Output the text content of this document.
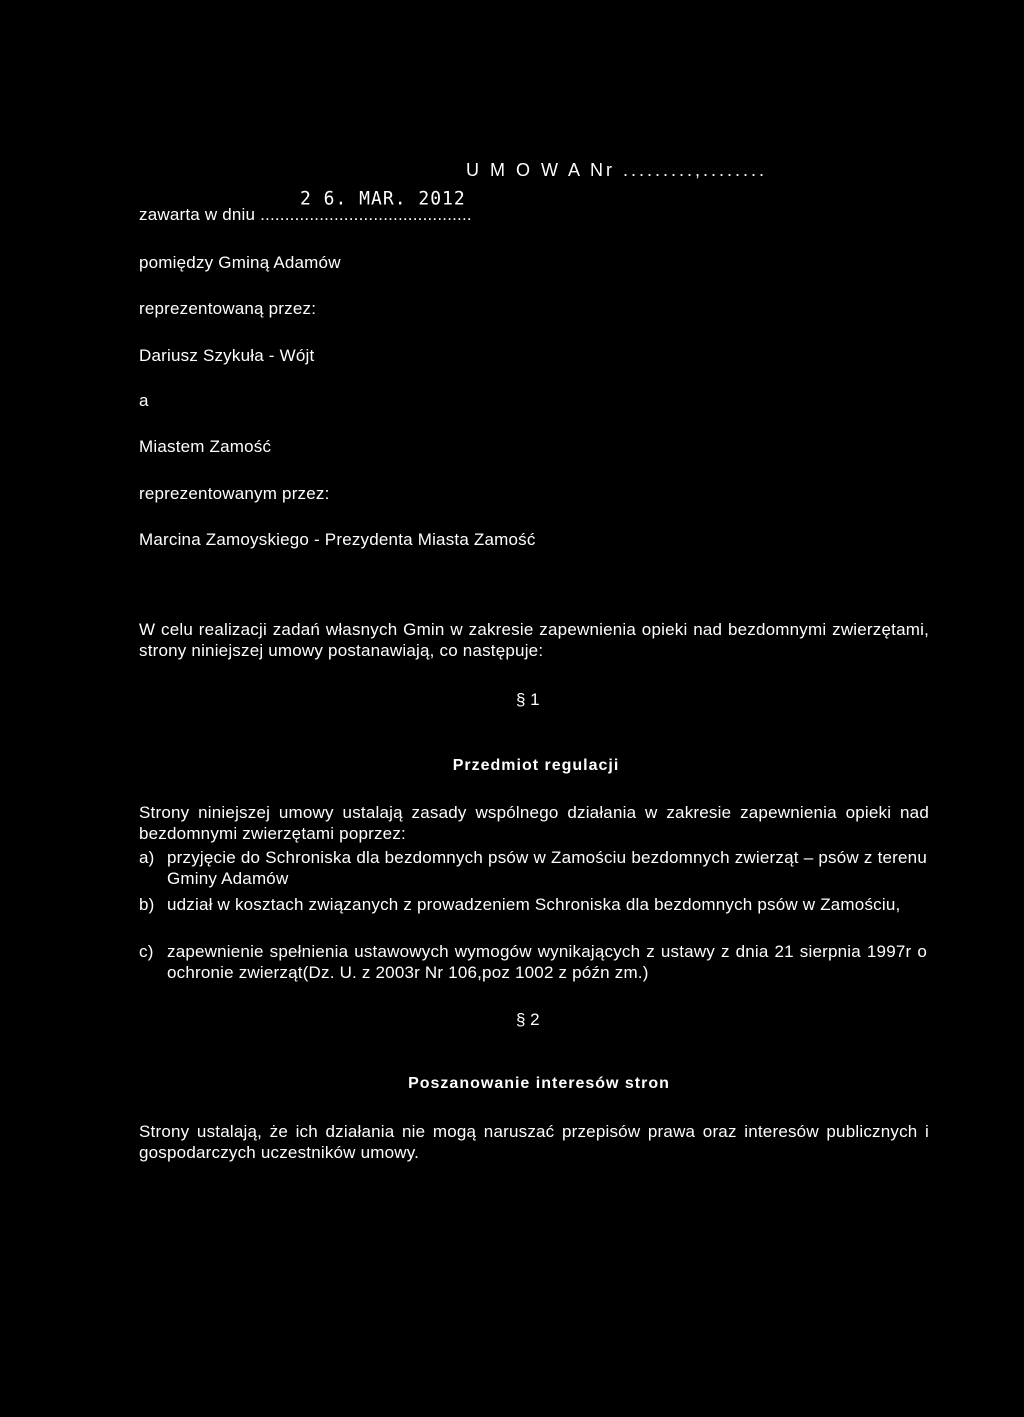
U M O W A Nr .........,........
2 6. MAR. 2012
zawarta w dniu ...........................................
pomiędzy Gminą Adamów
reprezentowaną przez:
Dariusz Szykuła - Wójt
a
Miastem Zamość
reprezentowanym przez:
Marcina Zamoyskiego - Prezydenta Miasta Zamość
W celu realizacji zadań własnych Gmin w zakresie zapewnienia opieki nad bezdomnymi zwierzętami, strony niniejszej umowy postanawiają, co następuje:
§ 1
Przedmiot regulacji
Strony niniejszej umowy ustalają zasady wspólnego działania w zakresie zapewnienia opieki nad bezdomnymi zwierzętami poprzez:
a) przyjęcie do Schroniska dla bezdomnych psów w Zamościu bezdomnych zwierząt – psów z terenu Gminy Adamów
b) udział w kosztach związanych z prowadzeniem Schroniska dla bezdomnych psów w Zamościu,
c) zapewnienie spełnienia ustawowych wymogów wynikających z ustawy z dnia 21 sierpnia 1997r o ochronie zwierząt(Dz. U. z 2003r Nr 106,poz 1002 z późn zm.)
§ 2
Poszanowanie interesów stron
Strony ustalają, że ich działania nie mogą naruszać przepisów prawa oraz interesów publicznych i gospodarczych uczestników umowy.
